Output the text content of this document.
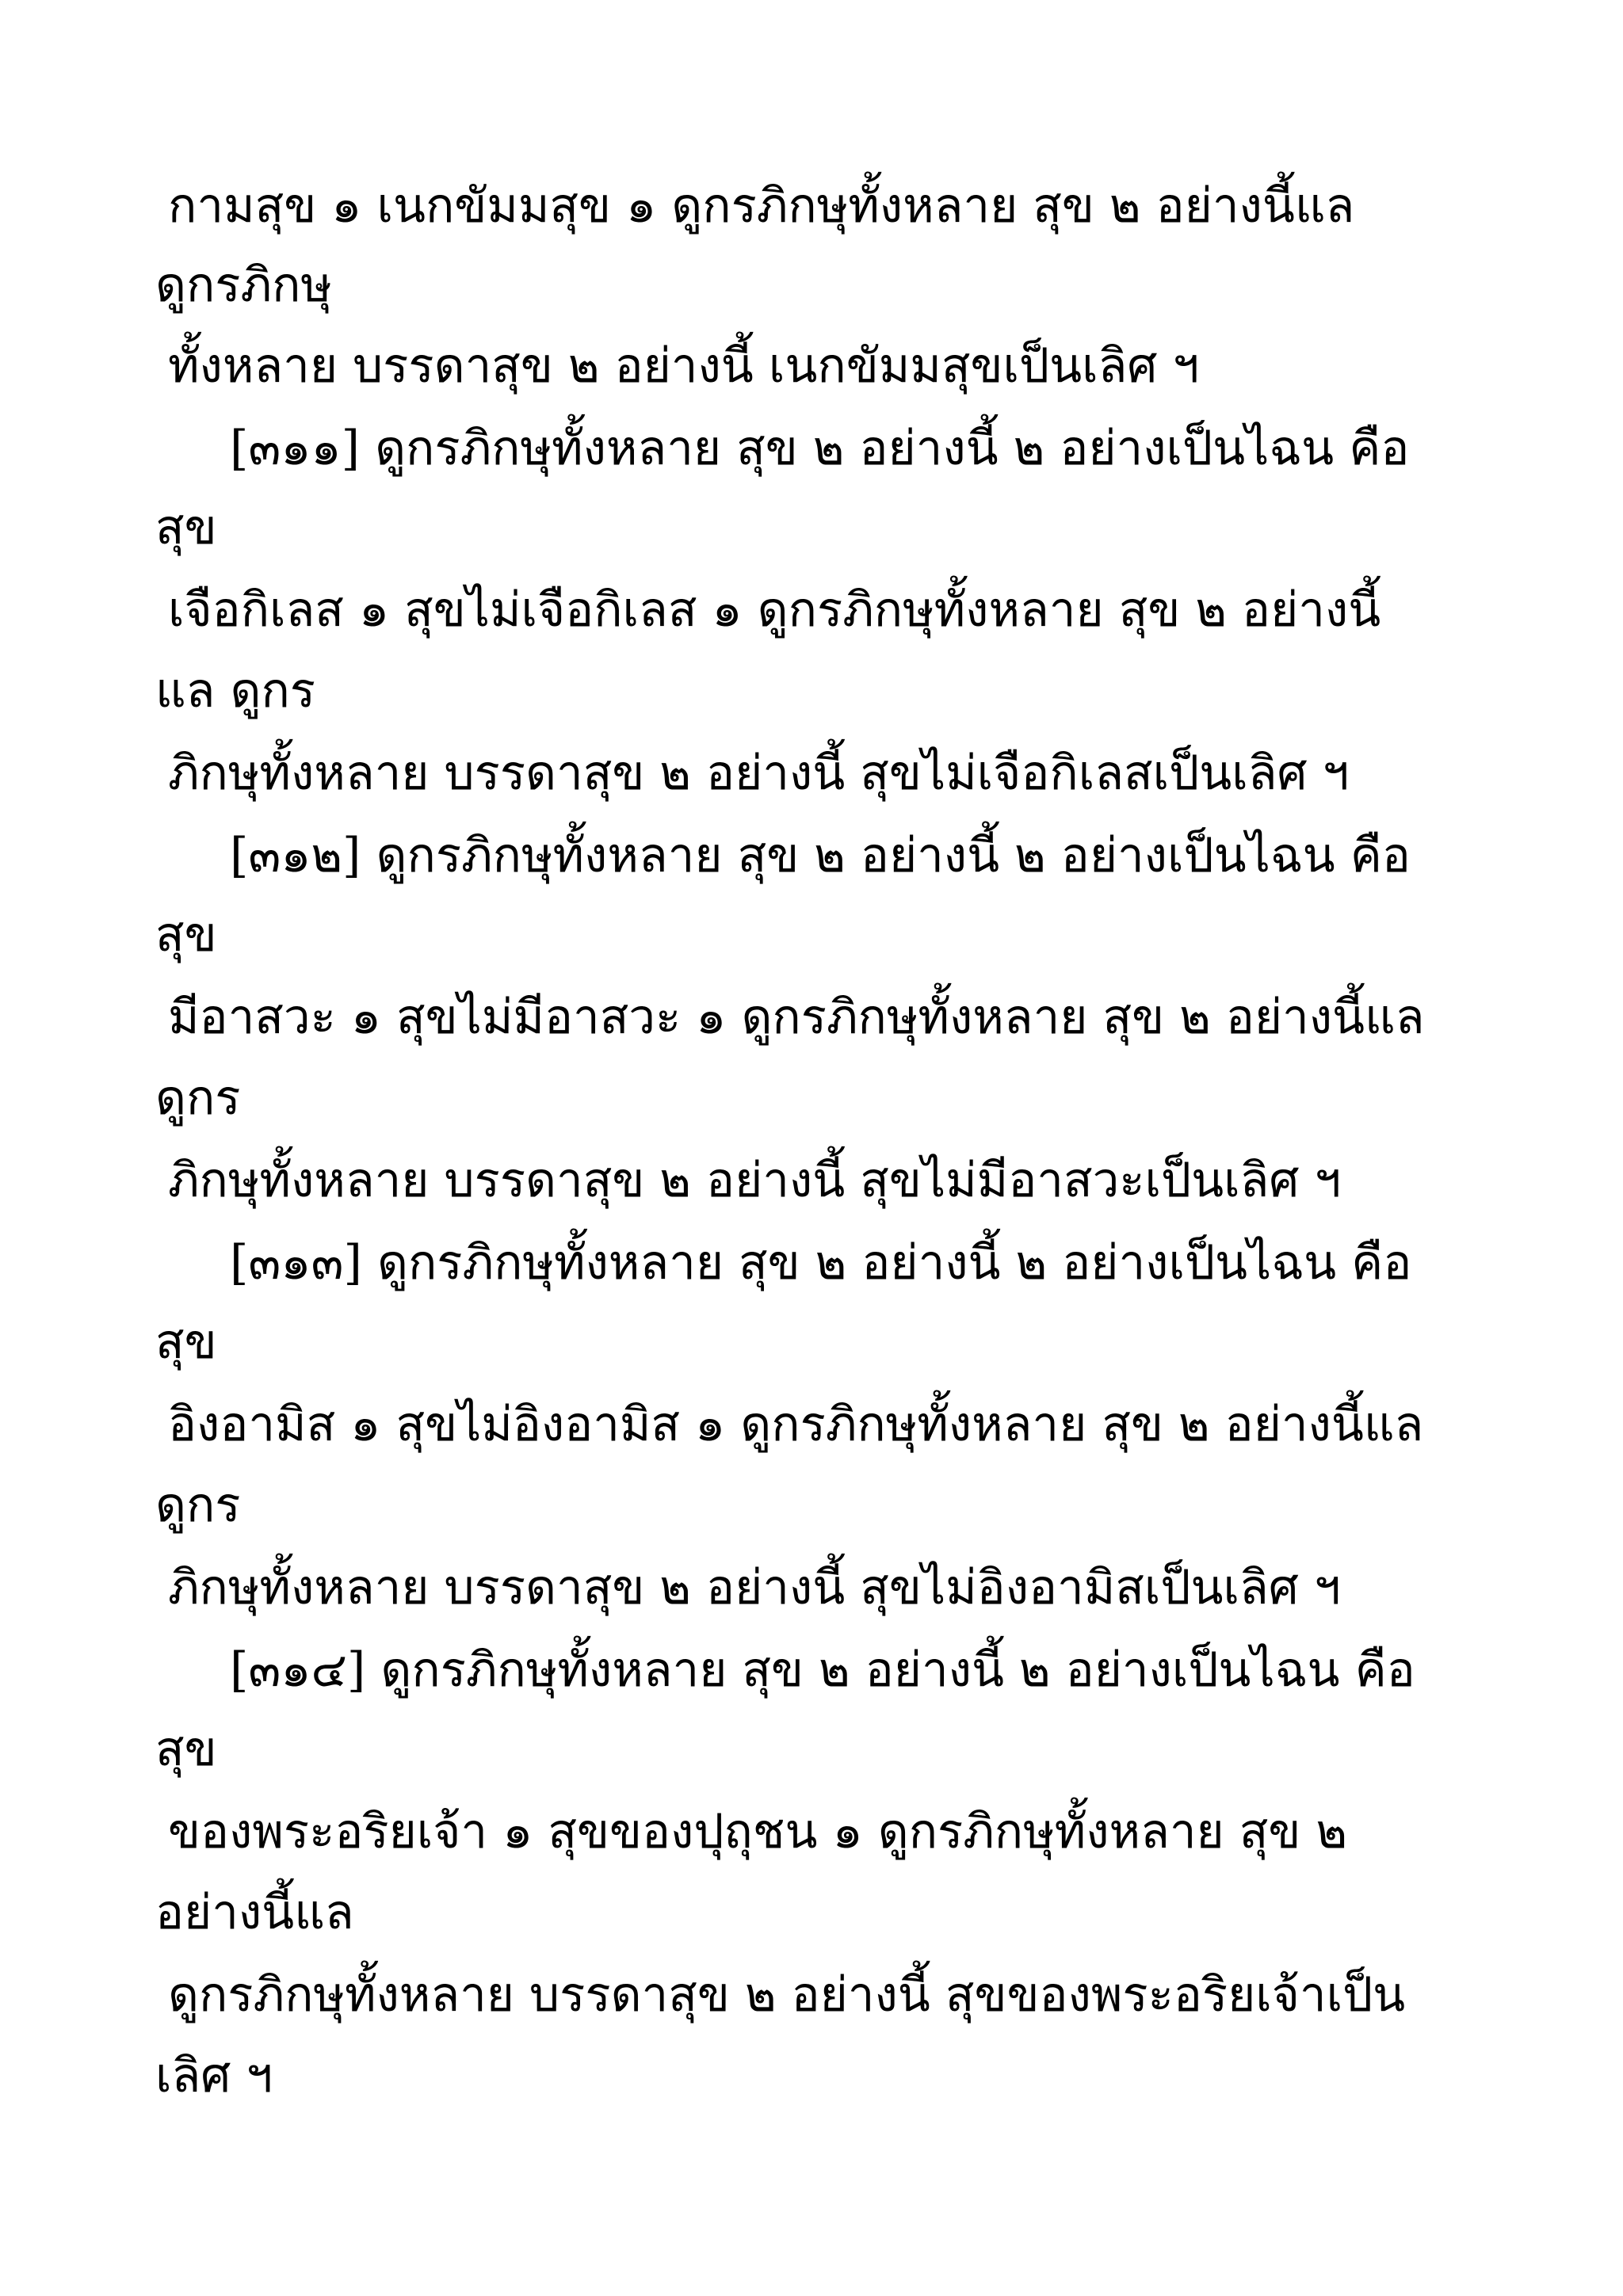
กามสุข ๑ เนกขัมมสุข ๑ ดูกรภิกษุทั้งหลาย สุข ๒ อย่างนี้แล
ดูกรภิกษุ
ทั้งหลาย บรรดาสุข ๒ อย่างนี้ เนกขัมมสุขเป็นเลิศ ฯ
[๓๑๑] ดูกรภิกษุทั้งหลาย สุข ๒ อย่างนี้ ๒ อย่างเป็นไฉน คือ
สุข
เจือกิเลส ๑ สุขไม่เจือกิเลส ๑ ดูกรภิกษุทั้งหลาย สุข ๒ อย่างนี้
แล ดูกร
ภิกษุทั้งหลาย บรรดาสุข ๒ อย่างนี้ สุขไม่เจือกิเลสเป็นเลิศ ฯ
[๓๑๒] ดูกรภิกษุทั้งหลาย สุข ๒ อย่างนี้ ๒ อย่างเป็นไฉน คือ
สุข
มีอาสวะ ๑ สุขไม่มีอาสวะ ๑ ดูกรภิกษุทั้งหลาย สุข ๒ อย่างนี้แล
ดูกร
ภิกษุทั้งหลาย บรรดาสุข ๒ อย่างนี้ สุขไม่มีอาสวะเป็นเลิศ ฯ
[๓๑๓] ดูกรภิกษุทั้งหลาย สุข ๒ อย่างนี้ ๒ อย่างเป็นไฉน คือ
สุข
อิงอามิส ๑ สุขไม่อิงอามิส ๑ ดูกรภิกษุทั้งหลาย สุข ๒ อย่างนี้แล
ดูกร
ภิกษุทั้งหลาย บรรดาสุข ๒ อย่างนี้ สุขไม่อิงอามิสเป็นเลิศ ฯ
[๓๑๔] ดูกรภิกษุทั้งหลาย สุข ๒ อย่างนี้ ๒ อย่างเป็นไฉน คือ
สุข
ของพระอริยเจ้า ๑ สุขของปุถุชน ๑ ดูกรภิกษุทั้งหลาย สุข ๒
อย่างนี้แล
ดูกรภิกษุทั้งหลาย บรรดาสุข ๒ อย่างนี้ สุขของพระอริยเจ้าเป็น
เลิศ ฯ
